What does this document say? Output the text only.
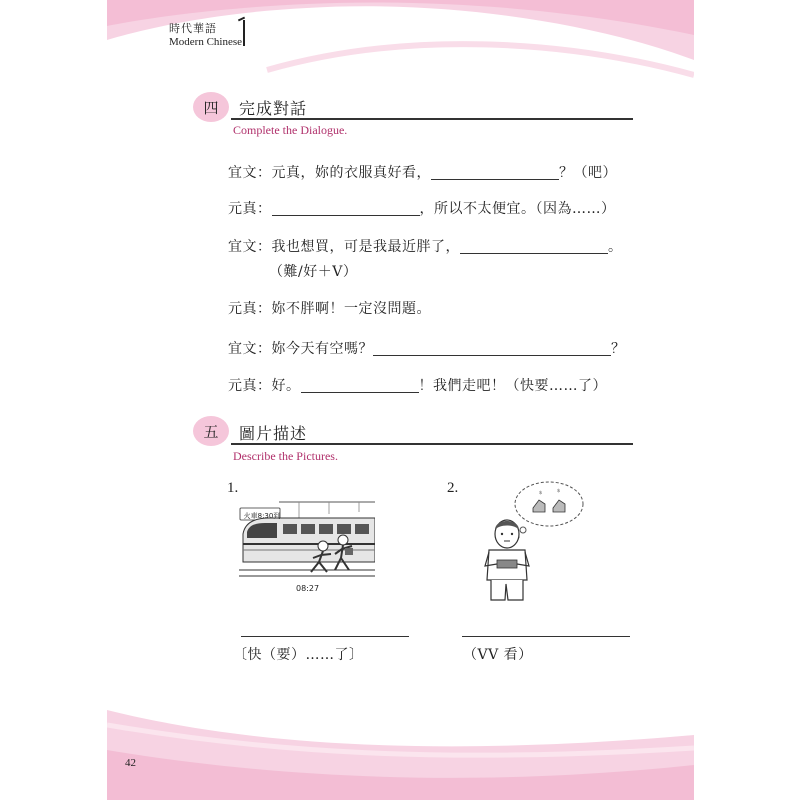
時代華語
Modern Chinese
四	完成對話
Complete the Dialogue.
宜文：元真，妳的衣服真好看，	？（吧）
元真：	，所以不太便宜。（因為……）
宜文：我也想買，可是我最近胖了，	。
（難/好＋V）
元真：妳不胖啊！一定沒問題。
宜文：妳今天有空嗎？	？
元真：好。	！我們走吧！（快要……了）
五	圖片描述
Describe the Pictures.
1.
火車8:30到
08:27
〔快（要）……了〕
2.	$	$
（VV 看）
42
